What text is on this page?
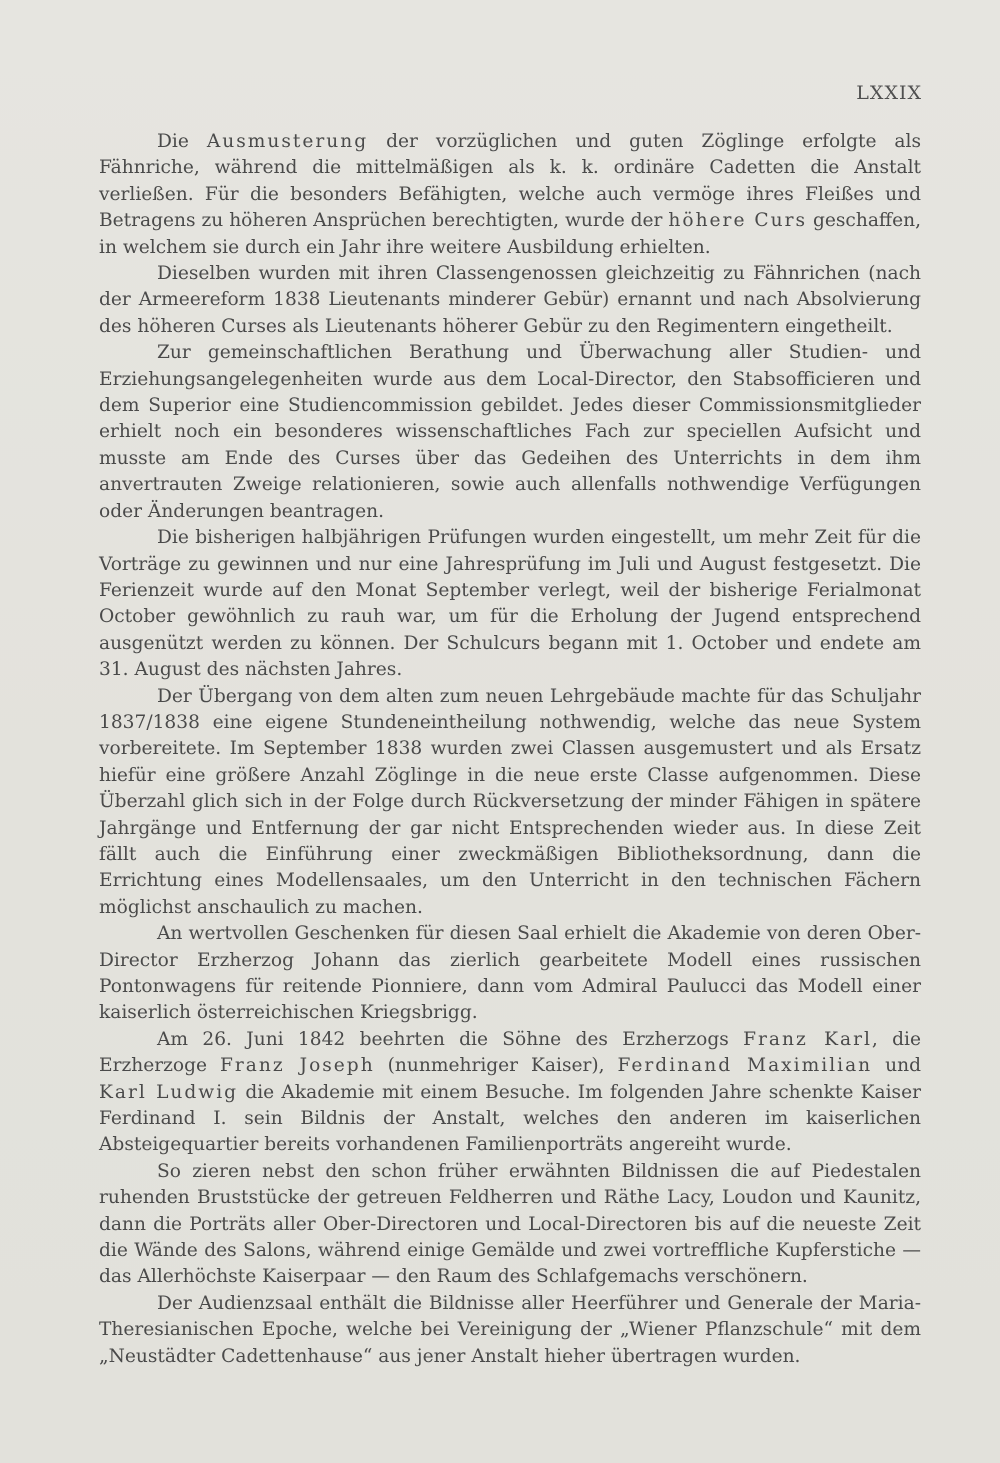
LXXIX

Die Ausmusterung der vorzüglichen und guten Zöglinge erfolgte als Fähnriche, während die mittelmäßigen als k. k. ordinäre Cadetten die Anstalt verließen. Für die besonders Befähigten, welche auch vermöge ihres Fleißes und Betragens zu höheren Ansprüchen berechtigten, wurde der höhere Curs geschaffen, in welchem sie durch ein Jahr ihre weitere Ausbildung erhielten.

Dieselben wurden mit ihren Classengenossen gleichzeitig zu Fähnrichen (nach der Armeereform 1838 Lieutenants minderer Gebür) ernannt und nach Absolvierung des höheren Curses als Lieutenants höherer Gebür zu den Regimentern eingetheilt.

Zur gemeinschaftlichen Berathung und Überwachung aller Studien- und Erziehungsangelegenheiten wurde aus dem Local-Director, den Stabsofficieren und dem Superior eine Studiencommission gebildet. Jedes dieser Commissionsmitglieder erhielt noch ein besonderes wissenschaftliches Fach zur speciellen Aufsicht und musste am Ende des Curses über das Gedeihen des Unterrichts in dem ihm anvertrauten Zweige relationieren, sowie auch allenfalls nothwendige Verfügungen oder Änderungen beantragen.

Die bisherigen halbjährigen Prüfungen wurden eingestellt, um mehr Zeit für die Vorträge zu gewinnen und nur eine Jahresprüfung im Juli und August festgesetzt. Die Ferienzeit wurde auf den Monat September verlegt, weil der bisherige Ferialmonat October gewöhnlich zu rauh war, um für die Erholung der Jugend entsprechend ausgenützt werden zu können. Der Schulcurs begann mit 1. October und endete am 31. August des nächsten Jahres.

Der Übergang von dem alten zum neuen Lehrgebäude machte für das Schuljahr 1837/1838 eine eigene Stundeneintheilung nothwendig, welche das neue System vorbereitete. Im September 1838 wurden zwei Classen ausgemustert und als Ersatz hiefür eine größere Anzahl Zöglinge in die neue erste Classe aufgenommen. Diese Überzahl glich sich in der Folge durch Rückversetzung der minder Fähigen in spätere Jahrgänge und Entfernung der gar nicht Entsprechenden wieder aus. In diese Zeit fällt auch die Einführung einer zweckmäßigen Bibliotheksordnung, dann die Errichtung eines Modellensaales, um den Unterricht in den technischen Fächern möglichst anschaulich zu machen.

An wertvollen Geschenken für diesen Saal erhielt die Akademie von deren Ober-Director Erzherzog Johann das zierlich gearbeitete Modell eines russischen Pontonwagens für reitende Pionniere, dann vom Admiral Paulucci das Modell einer kaiserlich österreichischen Kriegsbrigg.

Am 26. Juni 1842 beehrten die Söhne des Erzherzogs Franz Karl, die Erzherzoge Franz Joseph (nunmehriger Kaiser), Ferdinand Maximilian und Karl Ludwig die Akademie mit einem Besuche. Im folgenden Jahre schenkte Kaiser Ferdinand I. sein Bildnis der Anstalt, welches den anderen im kaiserlichen Absteigequartier bereits vorhandenen Familienporträts angereiht wurde.

So zieren nebst den schon früher erwähnten Bildnissen die auf Piedestalen ruhenden Bruststücke der getreuen Feldherren und Räthe Lacy, Loudon und Kaunitz, dann die Porträts aller Ober-Directoren und Local-Directoren bis auf die neueste Zeit die Wände des Salons, während einige Gemälde und zwei vortreffliche Kupferstiche — das Allerhöchste Kaiserpaar — den Raum des Schlafgemachs verschönern.

Der Audienzsaal enthält die Bildnisse aller Heerführer und Generale der Maria-Theresianischen Epoche, welche bei Vereinigung der „Wiener Pflanzschule“ mit dem „Neustädter Cadettenhause“ aus jener Anstalt hieher übertragen wurden.
